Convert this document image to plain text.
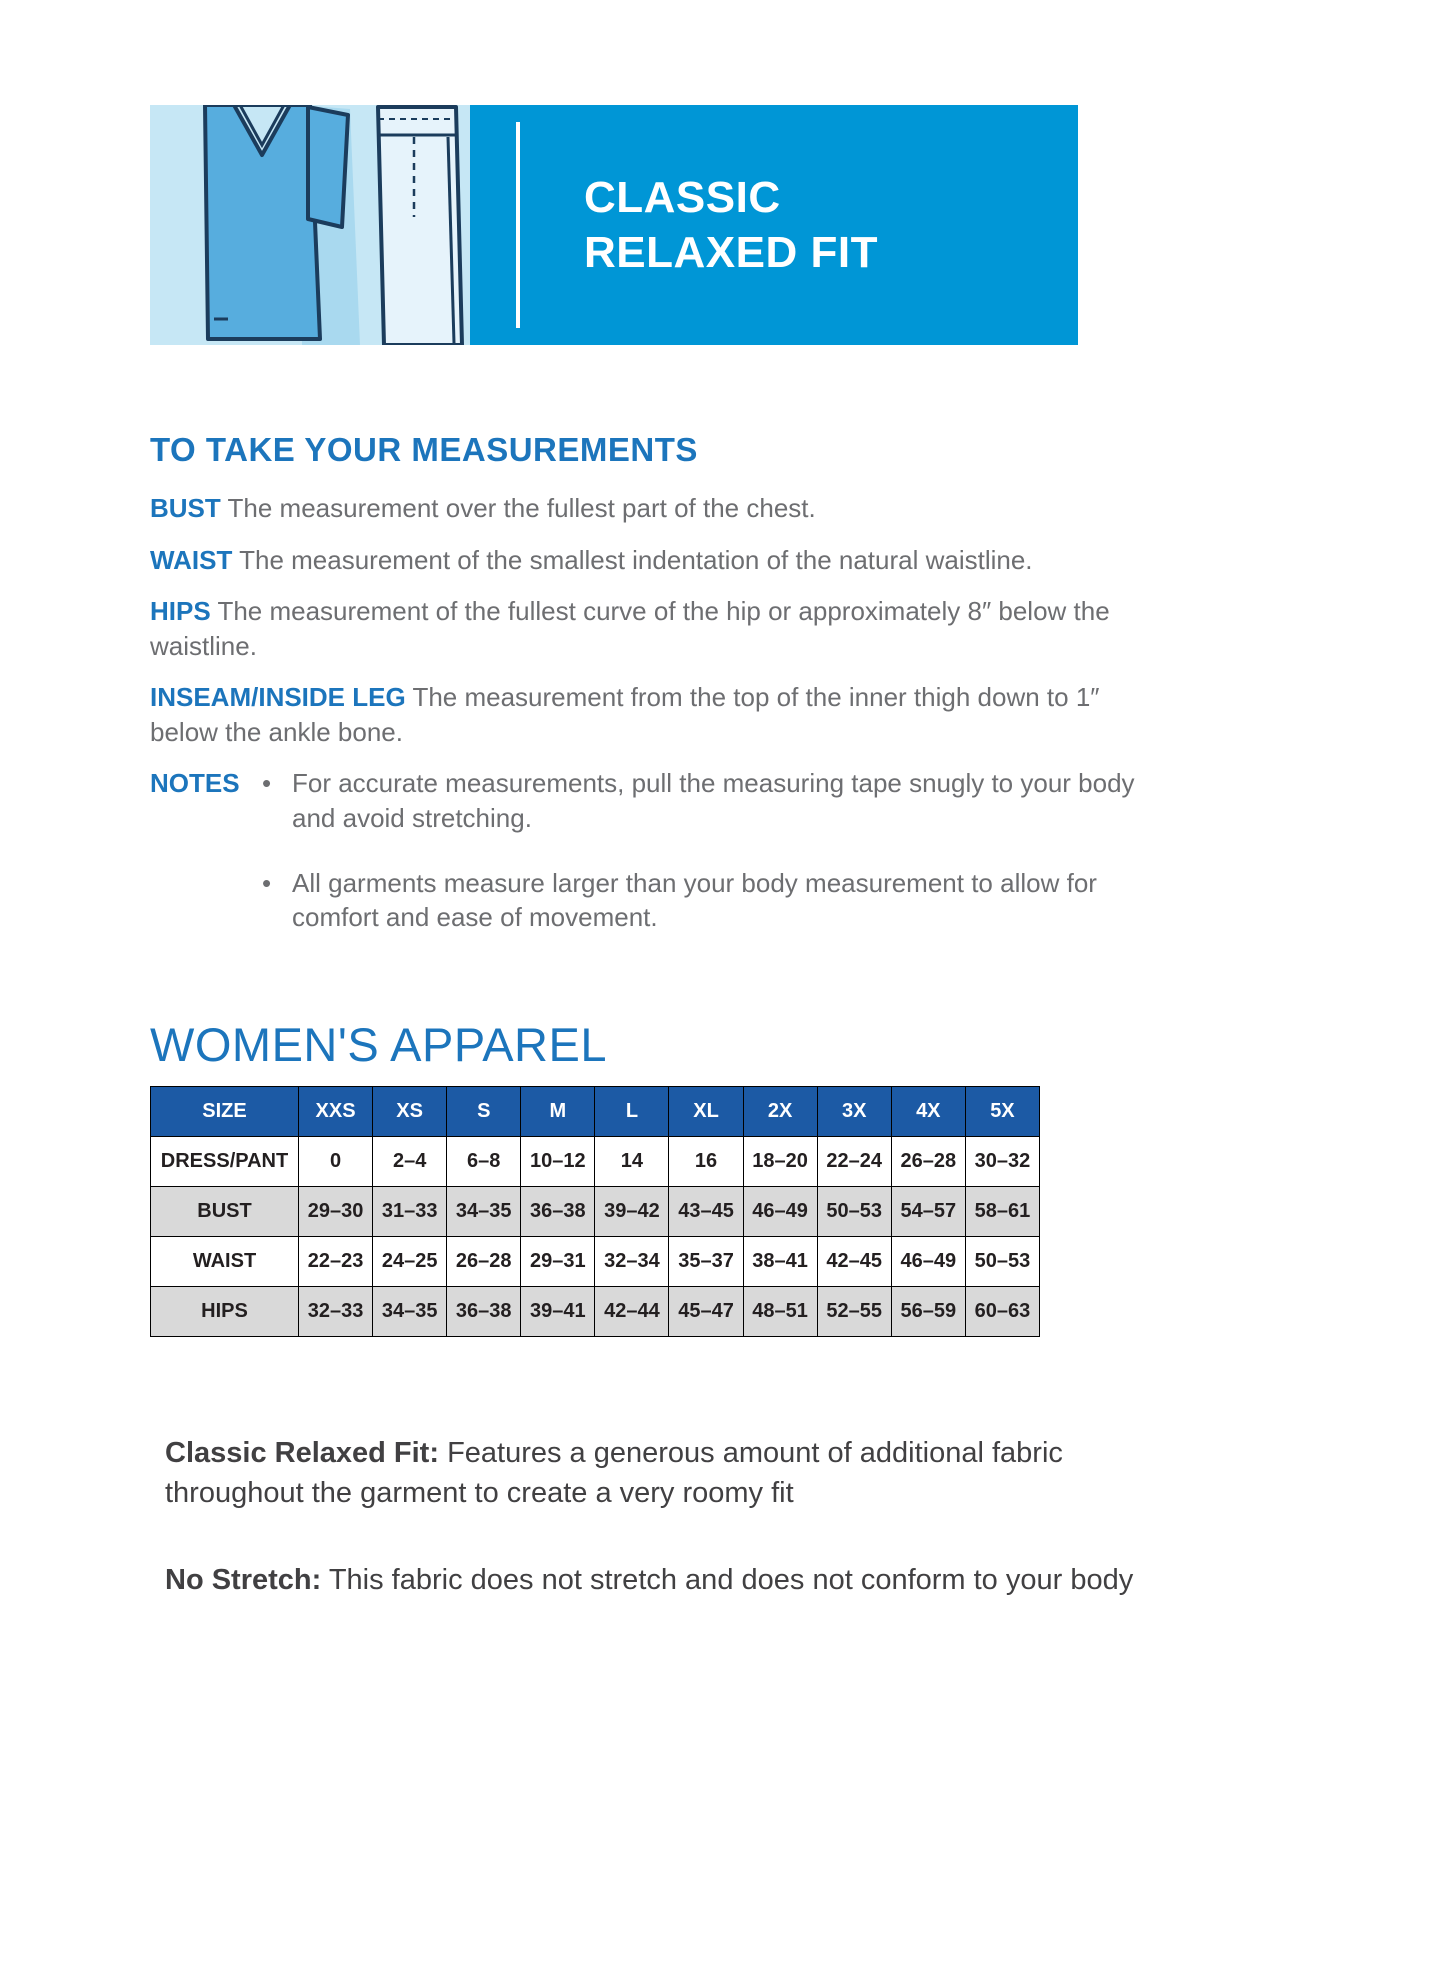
CLASSIC
RELAXED FIT
TO TAKE YOUR MEASUREMENTS

BUST The measurement over the fullest part of the chest.

WAIST The measurement of the smallest indentation of the natural waistline.

HIPS The measurement of the fullest curve of the hip or approximately 8″ below the waistline.

INSEAM/INSIDE LEG The measurement from the top of the inner thigh down to 1″ below the ankle bone.

NOTES	• For accurate measurements, pull the measuring tape snugly to your body and avoid stretching.
• All garments measure larger than your body measurement to allow for comfort and ease of movement.
WOMEN'S APPAREL
SIZE	XXS	XS	S	M	L	XL	2X	3X	4X	5X
DRESS/PANT	0	2–4	6–8	10–12	14	16	18–20	22–24	26–28	30–32
BUST	29–30	31–33	34–35	36–38	39–42	43–45	46–49	50–53	54–57	58–61
WAIST	22–23	24–25	26–28	29–31	32–34	35–37	38–41	42–45	46–49	50–53
HIPS	32–33	34–35	36–38	39–41	42–44	45–47	48–51	52–55	56–59	60–63

Classic Relaxed Fit: Features a generous amount of additional fabric throughout the garment to create a very roomy fit

No Stretch: This fabric does not stretch and does not conform to your body
